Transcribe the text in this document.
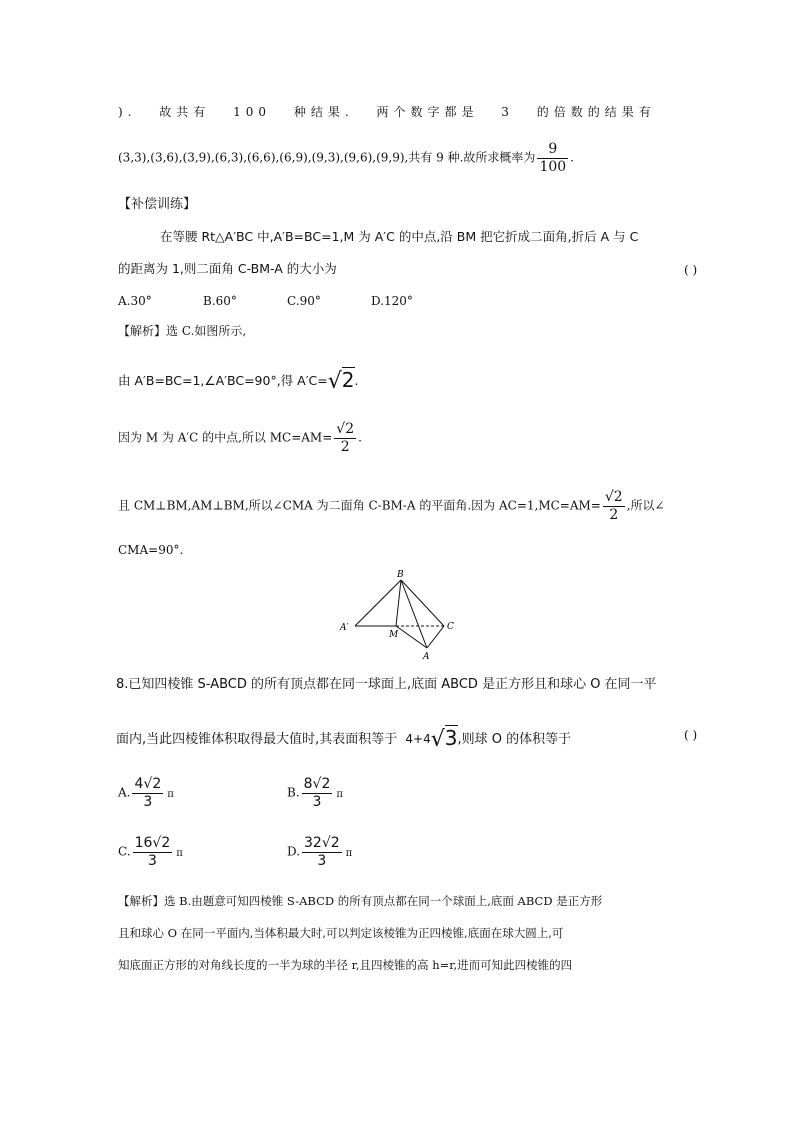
). 故共有 100 种结果. 两个数字都是 3 的倍数的结果有
(3,3),(3,6),(3,9),(6,3),(6,6),(6,9),(9,3),(9,6),(9,9),共有 9 种.故所求概率为 $\frac{9}{100}$ .
【补偿训练】
在等腰 Rt△A′BC 中,A′B=BC=1,M 为 A′C 的中点,沿 BM 把它折成二面角,折后 A 与 C
的距离为 1,则二面角 C-BM-A 的大小为	( )
A.30°	B.60°	C.90°	D.120°
【解析】选 C.如图所示,
由 A′B=BC=1,∠A′BC=90°,得 A′C=√2.
因为 M 为 A′C 的中点,所以 $MC=AM= \frac{√2}{2}$ .
且 CM⊥BM,AM⊥BM,所以∠CMA 为二面角 C-BM-A 的平面角.因为 $AC=1,MC=AM= \frac{√2}{2}$ ,所以∠
CMA=90°.
B
A′
M
C
A
8.已知四棱锥 S-ABCD 的所有顶点都在同一球面上,底面 ABCD 是正方形且和球心 O 在同一平
面内,当此四棱锥体积取得最大值时,其表面积等于 4+4√3,则球 O 的体积等于	( )
A. $\frac{4√2}{3}$ π	B. $\frac{8√2}{3}$ π
C. $\frac{16√2}{3}$ π	D. $\frac{32√2}{3}$ π
【解析】选 B.由题意可知四棱锥 S-ABCD 的所有顶点都在同一个球面上,底面 ABCD 是正方形
且和球心 O 在同一平面内,当体积最大时,可以判定该棱锥为正四棱锥,底面在球大圆上,可
知底面正方形的对角线长度的一半为球的半径 r,且四棱锥的高 h=r,进而可知此四棱锥的四
